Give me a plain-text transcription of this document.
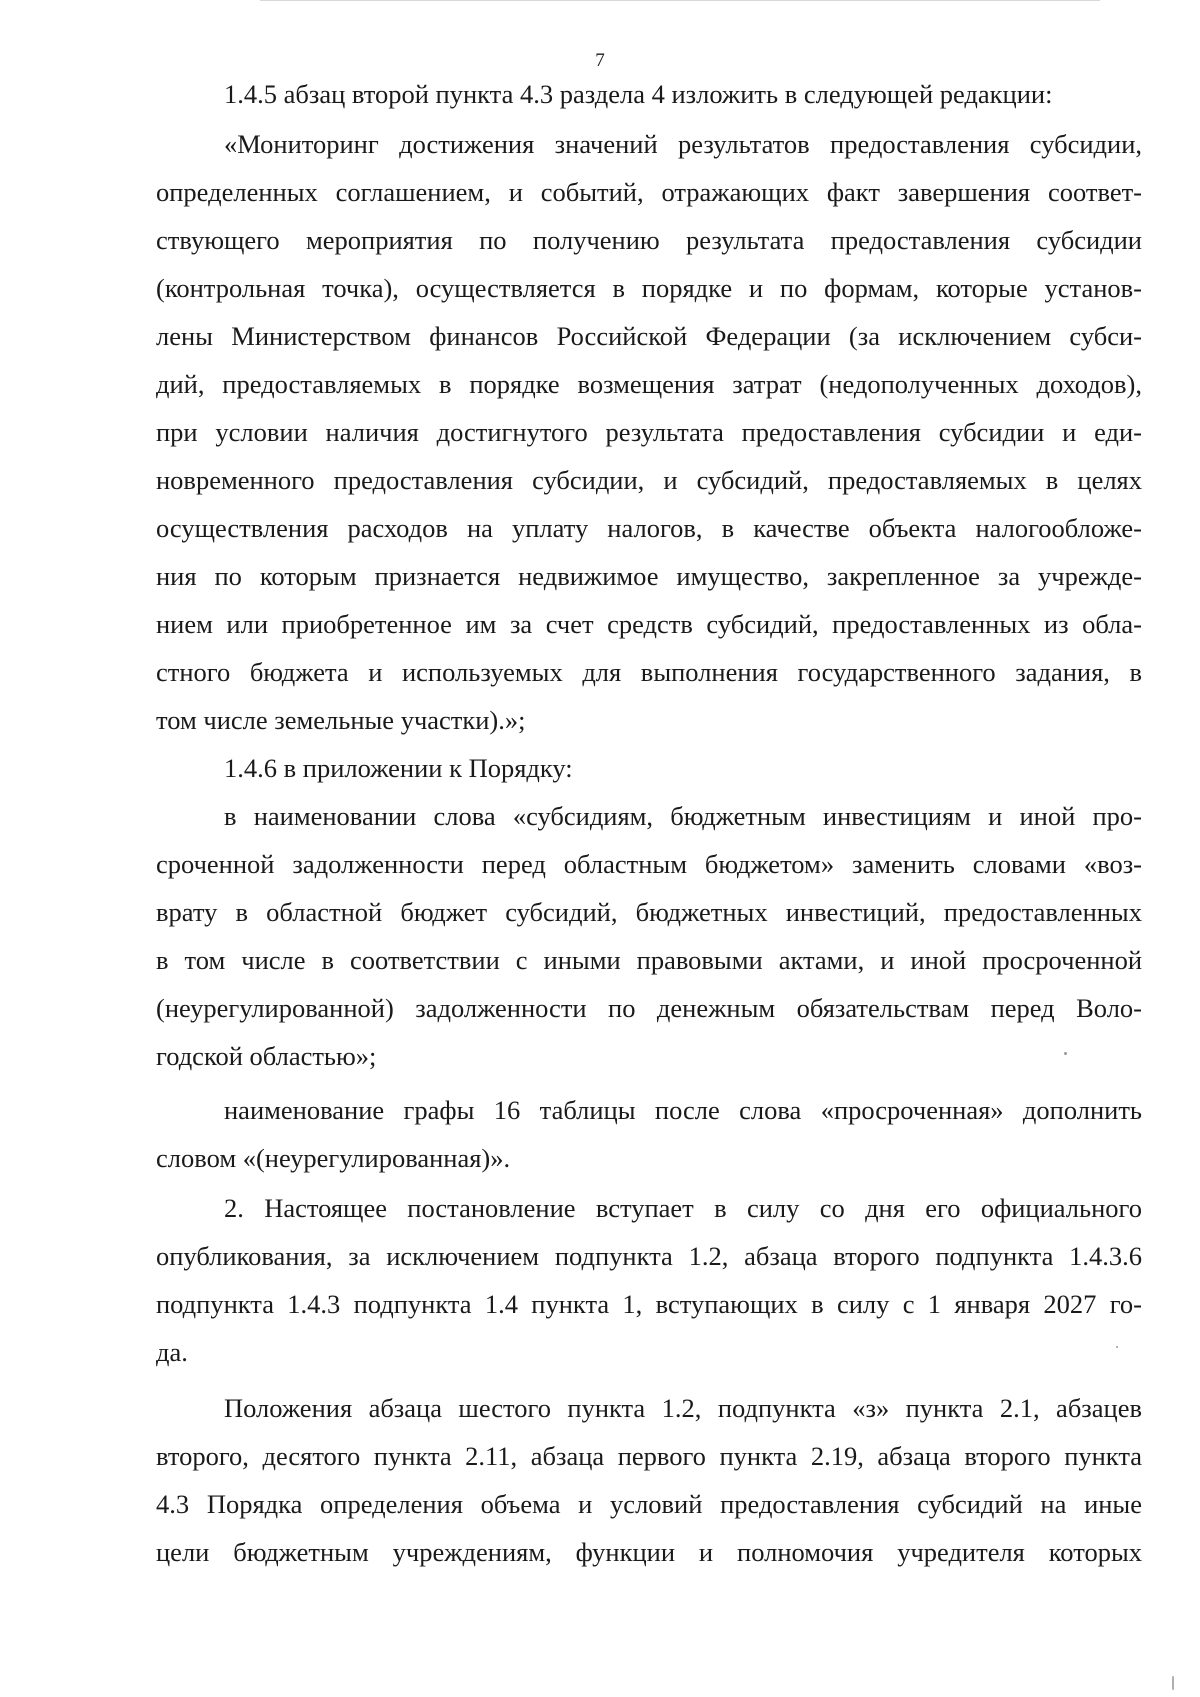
7
1.4.5 абзац второй пункта 4.3 раздела 4 изложить в следующей редакции:
«Мониторинг достижения значений результатов предоставления субсидии,
определенных соглашением, и событий, отражающих факт завершения соответ-
ствующего мероприятия по получению результата предоставления субсидии
(контрольная точка), осуществляется в порядке и по формам, которые установ-
лены Министерством финансов Российской Федерации (за исключением субси-
дий, предоставляемых в порядке возмещения затрат (недополученных доходов),
при условии наличия достигнутого результата предоставления субсидии и еди-
новременного предоставления субсидии, и субсидий, предоставляемых в целях
осуществления расходов на уплату налогов, в качестве объекта налогообложе-
ния по которым признается недвижимое имущество, закрепленное за учрежде-
нием или приобретенное им за счет средств субсидий, предоставленных из обла-
стного бюджета и используемых для выполнения государственного задания, в
том числе земельные участки).»;
1.4.6 в приложении к Порядку:
в наименовании слова «субсидиям, бюджетным инвестициям и иной про-
сроченной задолженности перед областным бюджетом» заменить словами «воз-
врату в областной бюджет субсидий, бюджетных инвестиций, предоставленных
в том числе в соответствии с иными правовыми актами, и иной просроченной
(неурегулированной) задолженности по денежным обязательствам перед Воло-
годской областью»;
наименование графы 16 таблицы после слова «просроченная» дополнить
словом «(неурегулированная)».
2. Настоящее постановление вступает в силу со дня его официального
опубликования, за исключением подпункта 1.2, абзаца второго подпункта 1.4.3.6
подпункта 1.4.3 подпункта 1.4 пункта 1, вступающих в силу с 1 января 2027 го-
да.
Положения абзаца шестого пункта 1.2, подпункта «з» пункта 2.1, абзацев
второго, десятого пункта 2.11, абзаца первого пункта 2.19, абзаца второго пункта
4.3 Порядка определения объема и условий предоставления субсидий на иные
цели бюджетным учреждениям, функции и полномочия учредителя которых
